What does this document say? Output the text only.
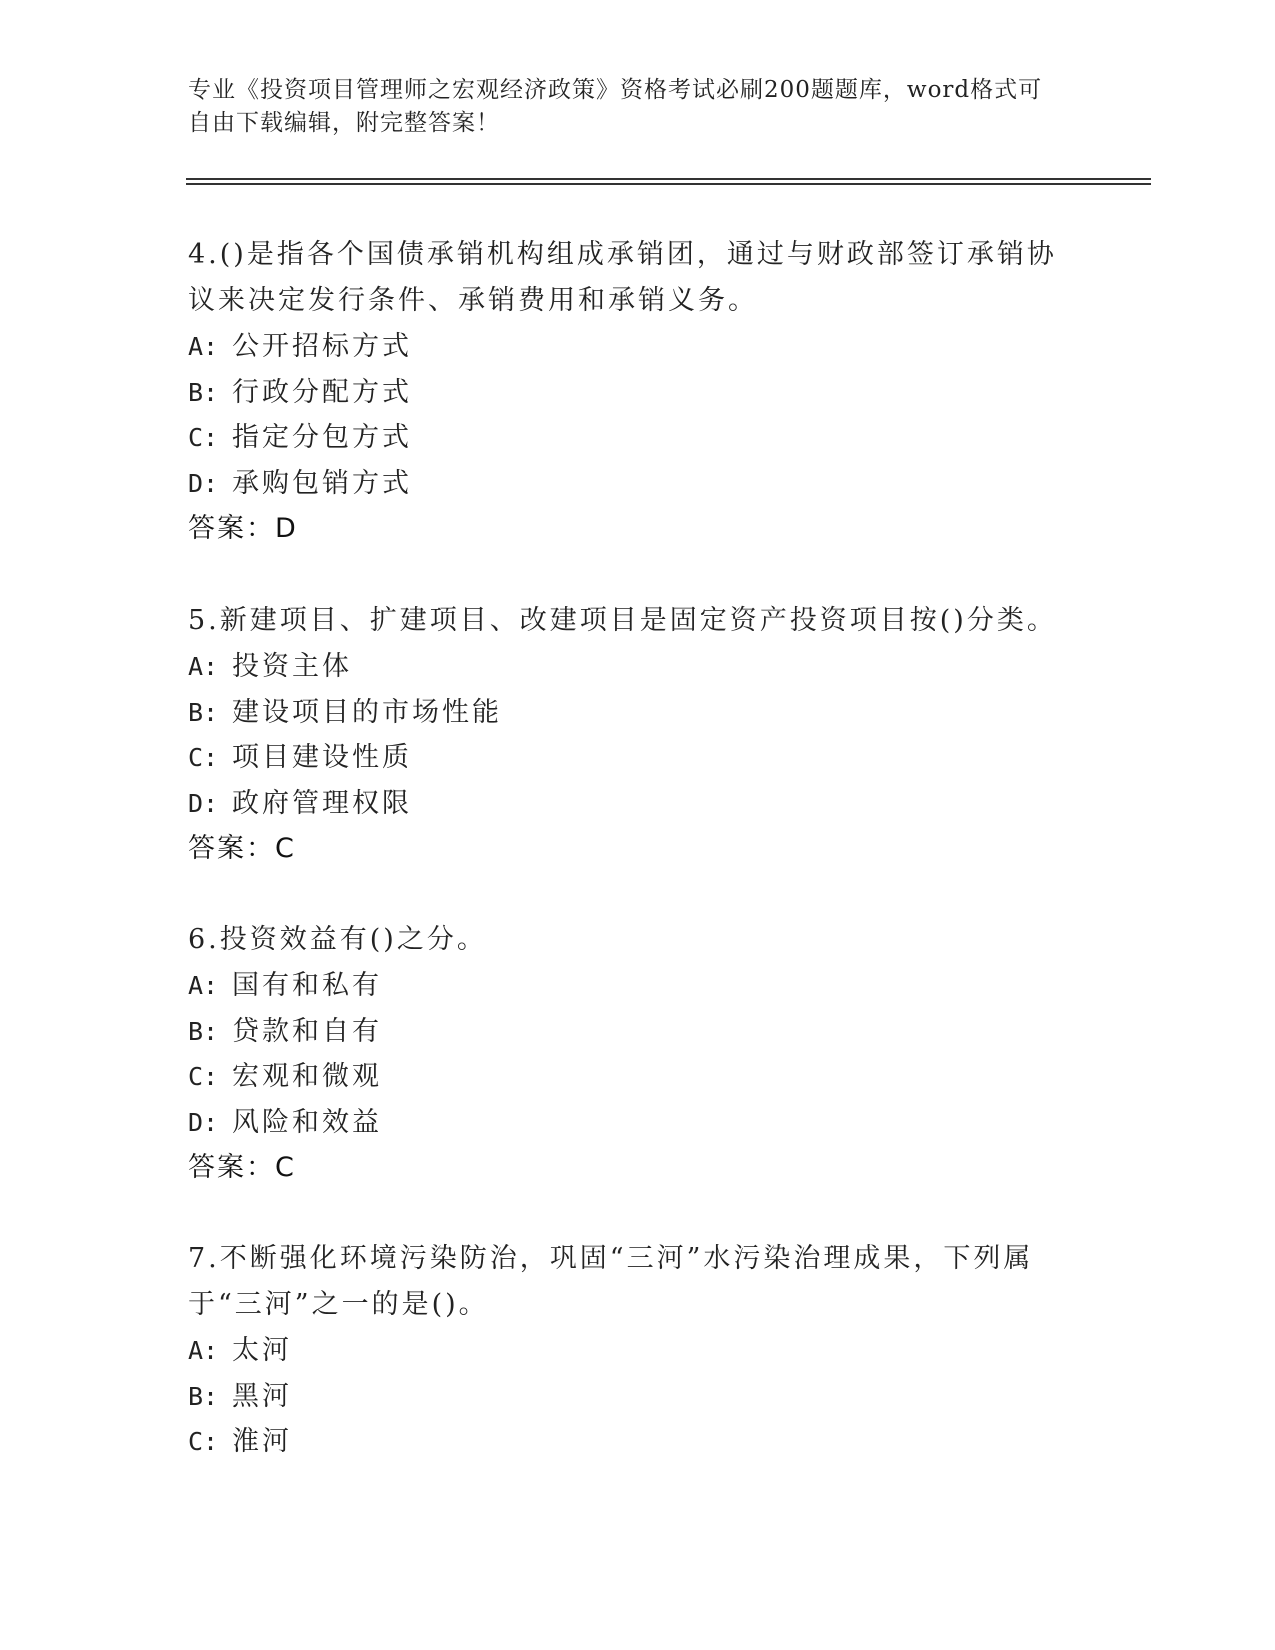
专业《投资项目管理师之宏观经济政策》资格考试必刷200题题库，word格式可
自由下载编辑，附完整答案！

4.()是指各个国债承销机构组成承销团，通过与财政部签订承销协议来决定发行条件、承销费用和承销义务。

A: 公开招标方式
B: 行政分配方式
C: 指定分包方式
D: 承购包销方式

答案：D

5.新建项目、扩建项目、改建项目是固定资产投资项目按()分类。

A: 投资主体
B: 建设项目的市场性能
C: 项目建设性质
D: 政府管理权限

答案：C

6.投资效益有()之分。

A: 国有和私有
B: 贷款和自有
C: 宏观和微观
D: 风险和效益

答案：C

7.不断强化环境污染防治，巩固“三河”水污染治理成果，下列属于“三河”之一的是()。

A: 太河
B: 黑河
C: 淮河
